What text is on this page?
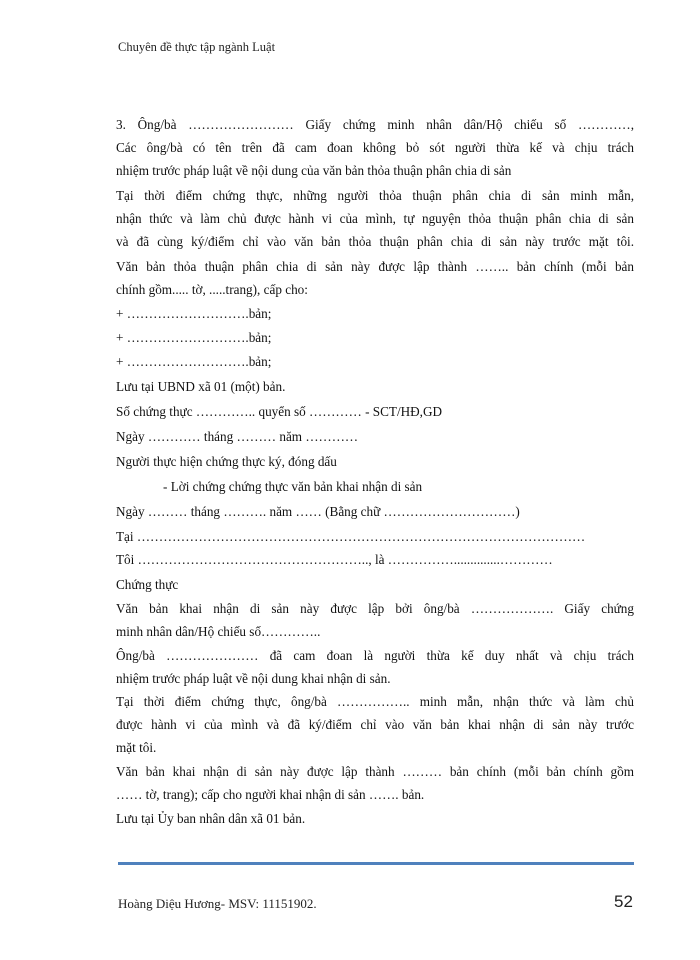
Chuyên đề thực tập ngành Luật
3. Ông/bà …………………… Giấy chứng minh nhân dân/Hộ chiếu số …………,
Các ông/bà có tên trên đã cam đoan không bỏ sót người thừa kế và chịu trách
nhiệm trước pháp luật về nội dung của văn bản thỏa thuận phân chia di sản
Tại thời điểm chứng thực, những người thỏa thuận phân chia di sản minh mẫn,
nhận thức và làm chủ được hành vi của mình, tự nguyện thỏa thuận phân chia di sản
và đã cùng ký/điểm chỉ vào văn bản thỏa thuận phân chia di sản này trước mặt tôi.
Văn bản thỏa thuận phân chia di sản này được lập thành …….. bản chính (mỗi bản
chính gồm..... tờ, .....trang), cấp cho:
+ ……………………….bản;
+ ……………………….bản;
+ ……………………….bản;
Lưu tại UBND xã 01 (một) bản.
Số chứng thực ………….. quyển số ………… - SCT/HĐ,GD
Ngày ………… tháng ……… năm …………
Người thực hiện chứng thực ký, đóng dấu
- Lời chứng chứng thực văn bản khai nhận di sản
Ngày ……… tháng ………. năm …… (Bằng chữ …………………………)
Tại …………………………………………………………………………………………
Tôi …………………………………………….., là ……………..............…………
Chứng thực
Văn bản khai nhận di sản này được lập bởi ông/bà ………………. Giấy chứng
minh nhân dân/Hộ chiếu số…………..
Ông/bà ………………… đã cam đoan là người thừa kế duy nhất và chịu trách
nhiệm trước pháp luật về nội dung khai nhận di sản.
Tại thời điểm chứng thực, ông/bà …………….. minh mẫn, nhận thức và làm chủ
được hành vi của mình và đã ký/điểm chỉ vào văn bản khai nhận di sản này trước
mặt tôi.
Văn bản khai nhận di sản này được lập thành ……… bản chính (mỗi bản chính gồm
…… tờ, trang); cấp cho người khai nhận di sản ……. bản.
Lưu tại Ủy ban nhân dân xã 01 bản.
Hoàng Diệu Hương- MSV: 11151902.	52
